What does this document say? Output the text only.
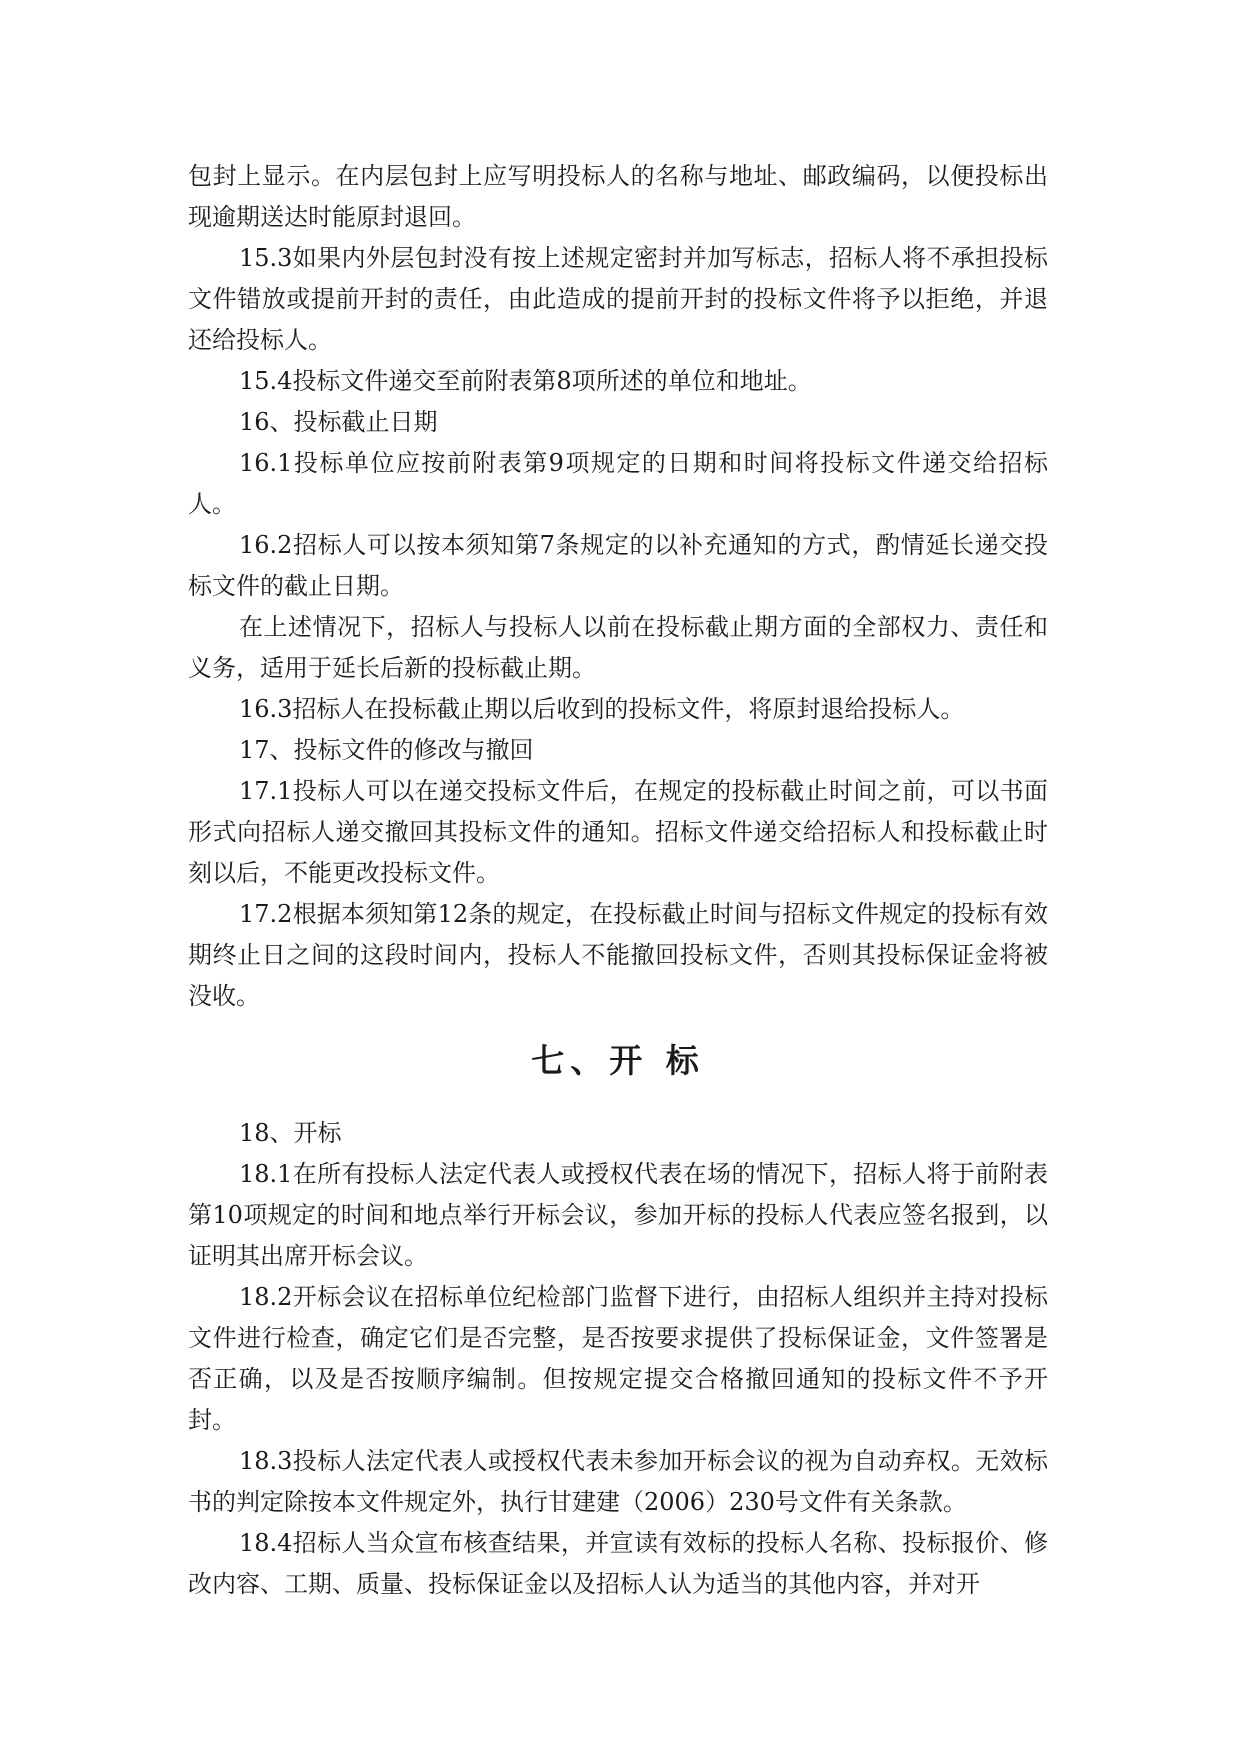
包封上显示。在内层包封上应写明投标人的名称与地址、邮政编码，以便投标出现逾期送达时能原封退回。

15.3如果内外层包封没有按上述规定密封并加写标志，招标人将不承担投标文件错放或提前开封的责任，由此造成的提前开封的投标文件将予以拒绝，并退还给投标人。

15.4投标文件递交至前附表第8项所述的单位和地址。

16、投标截止日期

16.1投标单位应按前附表第9项规定的日期和时间将投标文件递交给招标人。

16.2招标人可以按本须知第7条规定的以补充通知的方式，酌情延长递交投标文件的截止日期。

在上述情况下，招标人与投标人以前在投标截止期方面的全部权力、责任和义务，适用于延长后新的投标截止期。

16.3招标人在投标截止期以后收到的投标文件，将原封退给投标人。

17、投标文件的修改与撤回

17.1投标人可以在递交投标文件后，在规定的投标截止时间之前，可以书面形式向招标人递交撤回其投标文件的通知。招标文件递交给招标人和投标截止时刻以后，不能更改投标文件。

17.2根据本须知第12条的规定，在投标截止时间与招标文件规定的投标有效期终止日之间的这段时间内，投标人不能撤回投标文件，否则其投标保证金将被没收。

七、开 标

18、开标

18.1在所有投标人法定代表人或授权代表在场的情况下，招标人将于前附表第10项规定的时间和地点举行开标会议，参加开标的投标人代表应签名报到，以证明其出席开标会议。

18.2开标会议在招标单位纪检部门监督下进行，由招标人组织并主持对投标文件进行检查，确定它们是否完整，是否按要求提供了投标保证金，文件签署是否正确，以及是否按顺序编制。但按规定提交合格撤回通知的投标文件不予开封。

18.3投标人法定代表人或授权代表未参加开标会议的视为自动弃权。无效标书的判定除按本文件规定外，执行甘建建（2006）230号文件有关条款。

18.4招标人当众宣布核查结果，并宣读有效标的投标人名称、投标报价、修改内容、工期、质量、投标保证金以及招标人认为适当的其他内容，并对开
